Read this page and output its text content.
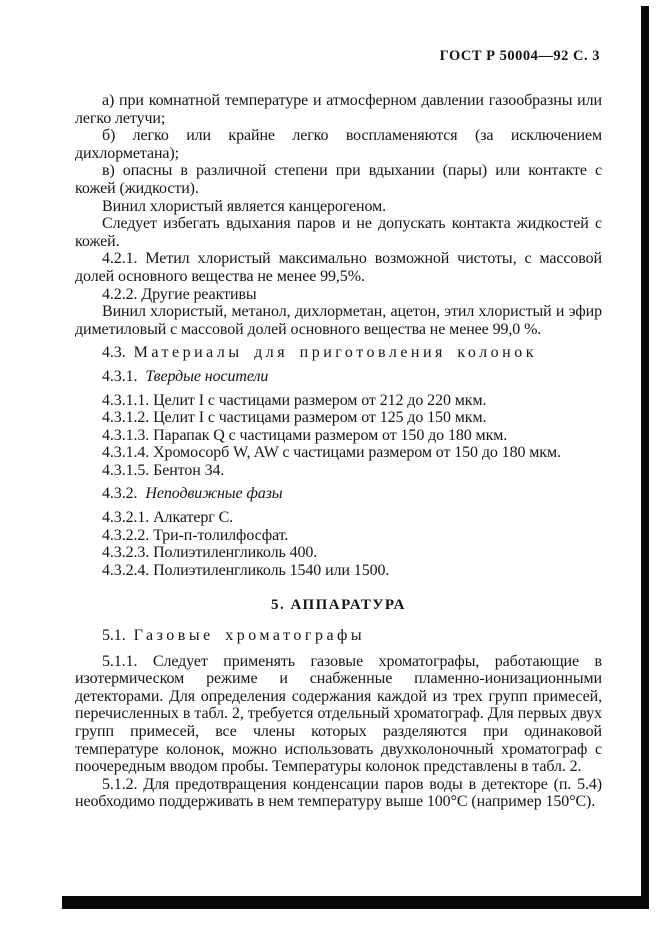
ГОСТ Р 50004—92 С. 3

а) при комнатной температуре и атмосферном давлении газообразны или легко летучи;

б) легко или крайне легко воспламеняются (за исключением дихлорметана);

в) опасны в различной степени при вдыхании (пары) или контакте с кожей (жидкости).

Винил хлористый является канцерогеном.

Следует избегать вдыхания паров и не допускать контакта жидкостей с кожей.

4.2.1. Метил хлористый максимально возможной чистоты, с массовой долей основного вещества не менее 99,5%.

4.2.2. Другие реактивы

Винил хлористый, метанол, дихлорметан, ацетон, этил хлористый и эфир диметиловый с массовой долей основного вещества не менее 99,0 %.

4.3. Материалы для приготовления колонок

4.3.1. Твердые носители

4.3.1.1. Целит I с частицами размером от 212 до 220 мкм.

4.3.1.2. Целит I с частицами размером от 125 до 150 мкм.

4.3.1.3. Парапак Q с частицами размером от 150 до 180 мкм.

4.3.1.4. Хромосорб W, AW с частицами размером от 150 до 180 мкм.

4.3.1.5. Бентон 34.

4.3.2. Неподвижные фазы

4.3.2.1. Алкатерг С.

4.3.2.2. Три-п-толилфосфат.

4.3.2.3. Полиэтиленгликоль 400.

4.3.2.4. Полиэтиленгликоль 1540 или 1500.

5. АППАРАТУРА

5.1. Газовые хроматографы

5.1.1. Следует применять газовые хроматографы, работающие в изотермическом режиме и снабженные пламенно-ионизационными детекторами. Для определения содержания каждой из трех групп примесей, перечисленных в табл. 2, требуется отдельный хроматограф. Для первых двух групп примесей, все члены которых разделяются при одинаковой температуре колонок, можно использовать двухколоночный хроматограф с поочередным вводом пробы. Температуры колонок представлены в табл. 2.

5.1.2. Для предотвращения конденсации паров воды в детекторе (п. 5.4) необходимо поддерживать в нем температуру выше 100°С (например 150°С).
